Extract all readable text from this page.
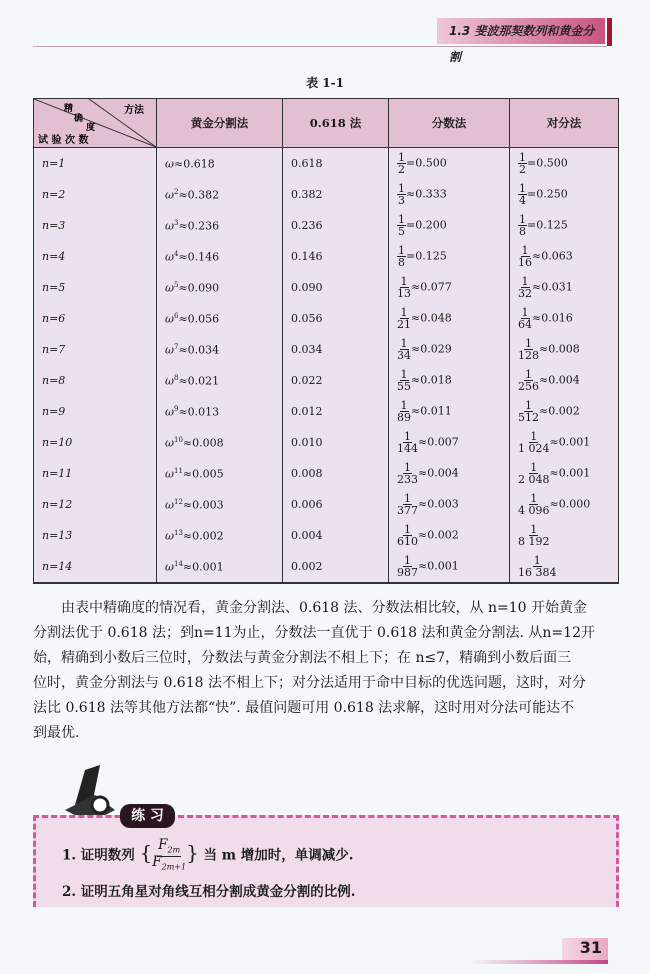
1.3 斐波那契数列和黄金分割
表 1-1
方法
精
确
度
试 验 次 数	黄金分割法	0.618 法	分数法	对分法
n=1	ω≈0.618	0.618	$\frac{1}{2} =0.500$	$\frac{1}{2} =0.500$
n=2	$\omega^2\approx 0.382$	0.382	$\frac{1}{3} \approx 0.333$	$\frac{1}{4} =0.250$
n=3	$\omega^3\approx 0.236$	0.236	$\frac{1}{5} =0.200$	$\frac{1}{8} =0.125$
n=4	$\omega^4\approx 0.146$	0.146	$\frac{1}{8} =0.125$	$\frac{1}{16} \approx 0.063$
n=5	$\omega^5\approx 0.090$	0.090	$\frac{1}{13} \approx 0.077$	$\frac{1}{32} \approx 0.031$
n=6	$\omega^6\approx 0.056$	0.056	$\frac{1}{21} \approx 0.048$	$\frac{1}{64} \approx 0.016$
n=7	$\omega^7\approx 0.034$	0.034	$\frac{1}{34} \approx 0.029$	$\frac{1}{128} \approx 0.008$
n=8	$\omega^8\approx 0.021$	0.022	$\frac{1}{55} \approx 0.018$	$\frac{1}{256} \approx 0.004$
n=9	$\omega^9\approx 0.013$	0.012	$\frac{1}{89} \approx 0.011$	$\frac{1}{512} \approx 0.002$
n=10	$\omega^{10}\approx 0.008$	0.010	$\frac{1}{144} \approx 0.007$	$\frac{1}{1 024} \approx 0.001$
n=11	$\omega^{11}\approx 0.005$	0.008	$\frac{1}{233} \approx 0.004$	$\frac{1}{2 048} \approx 0.001$
n=12	$\omega^{12}\approx 0.003$	0.006	$\frac{1}{377} \approx 0.003$	$\frac{1}{4 096} \approx 0.000$
n=13	$\omega^{13}\approx 0.002$	0.004	$\frac{1}{610} \approx 0.002$	$\frac{1}{8 192}$

n=14	$\omega^{14}\approx 0.001$	0.002	$\frac{1}{987} \approx 0.001$	$\frac{1}{16 384}$
　　由表中精确度的情况看，黄金分割法、0.618 法、分数法相比较，从 n=10 开始黄金
分割法优于 0.618 法；到n=11为止，分数法一直优于 0.618 法和黄金分割法. 从n=12开
始，精确到小数后三位时，分数法与黄金分割法不相上下；在 n≤7，精确到小数后面三
位时，黄金分割法与 0.618 法不相上下；对分法适用于命中目标的优选问题，这时，对分
法比 0.618 法等其他方法都“快”. 最值问题可用 0.618 法求解，这时用对分法可能达不
到最优.
练 习
1. 证明数列 { $\frac{F_{2m}}{F_{2m+1}}$ } 当 m 增加时，单调减少.
2. 证明五角星对角线互相分割成黄金分割的比例.
31
